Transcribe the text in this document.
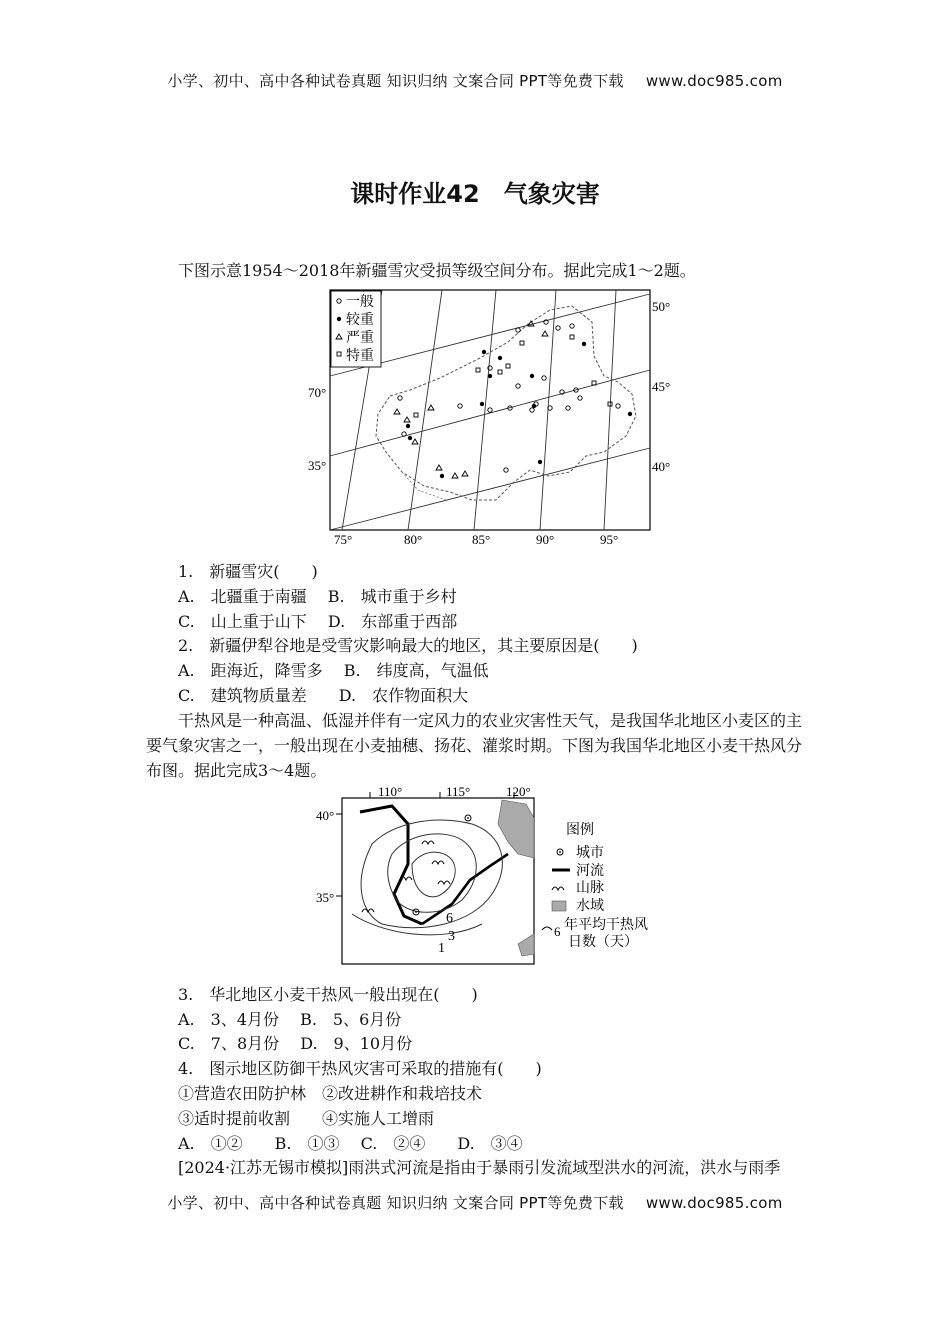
小学、初中、高中各种试卷真题 知识归纳 文案合同 PPT等免费下载 www.doc985.com
课时作业42　气象灾害
下图示意1954～2018年新疆雪灾受损等级空间分布。据此完成1～2题。
一般
较重
严重
特重
70°
35°
50°
45°
40°
75°	80°	85°	90°	95°
1.　新疆雪灾(　　)
A.　北疆重于南疆　 B.　城市重于乡村
C.　山上重于山下　 D.　东部重于西部
2.　新疆伊犁谷地是受雪灾影响最大的地区，其主要原因是(　　)
A.　距海近，降雪多　 B.　纬度高，气温低
C.　建筑物质量差　　D.　农作物面积大
干热风是一种高温、低湿并伴有一定风力的农业灾害性天气，是我国华北地区小麦区的主要气象灾害之一，一般出现在小麦抽穗、扬花、灌浆时期。下图为我国华北地区小麦干热风分布图。据此完成3～4题。
6
3
1
110°	115°	120°
40°
35°
图例
城市
河流
山脉
水域
6 年平均干热风
日数（天）
3.　华北地区小麦干热风一般出现在(　　)
A.　3、4月份　 B.　5、6月份
C.　7、8月份　 D.　9、10月份
4.　图示地区防御干热风灾害可采取的措施有(　　)
①营造农田防护林　②改进耕作和栽培技术
③适时提前收割　　④实施人工增雨
A.　①②　　B.　①③　 C.　②④　　D.　③④
[2024·江苏无锡市模拟]雨洪式河流是指由于暴雨引发流域型洪水的河流，洪水与雨季
小学、初中、高中各种试卷真题 知识归纳 文案合同 PPT等免费下载 www.doc985.com
